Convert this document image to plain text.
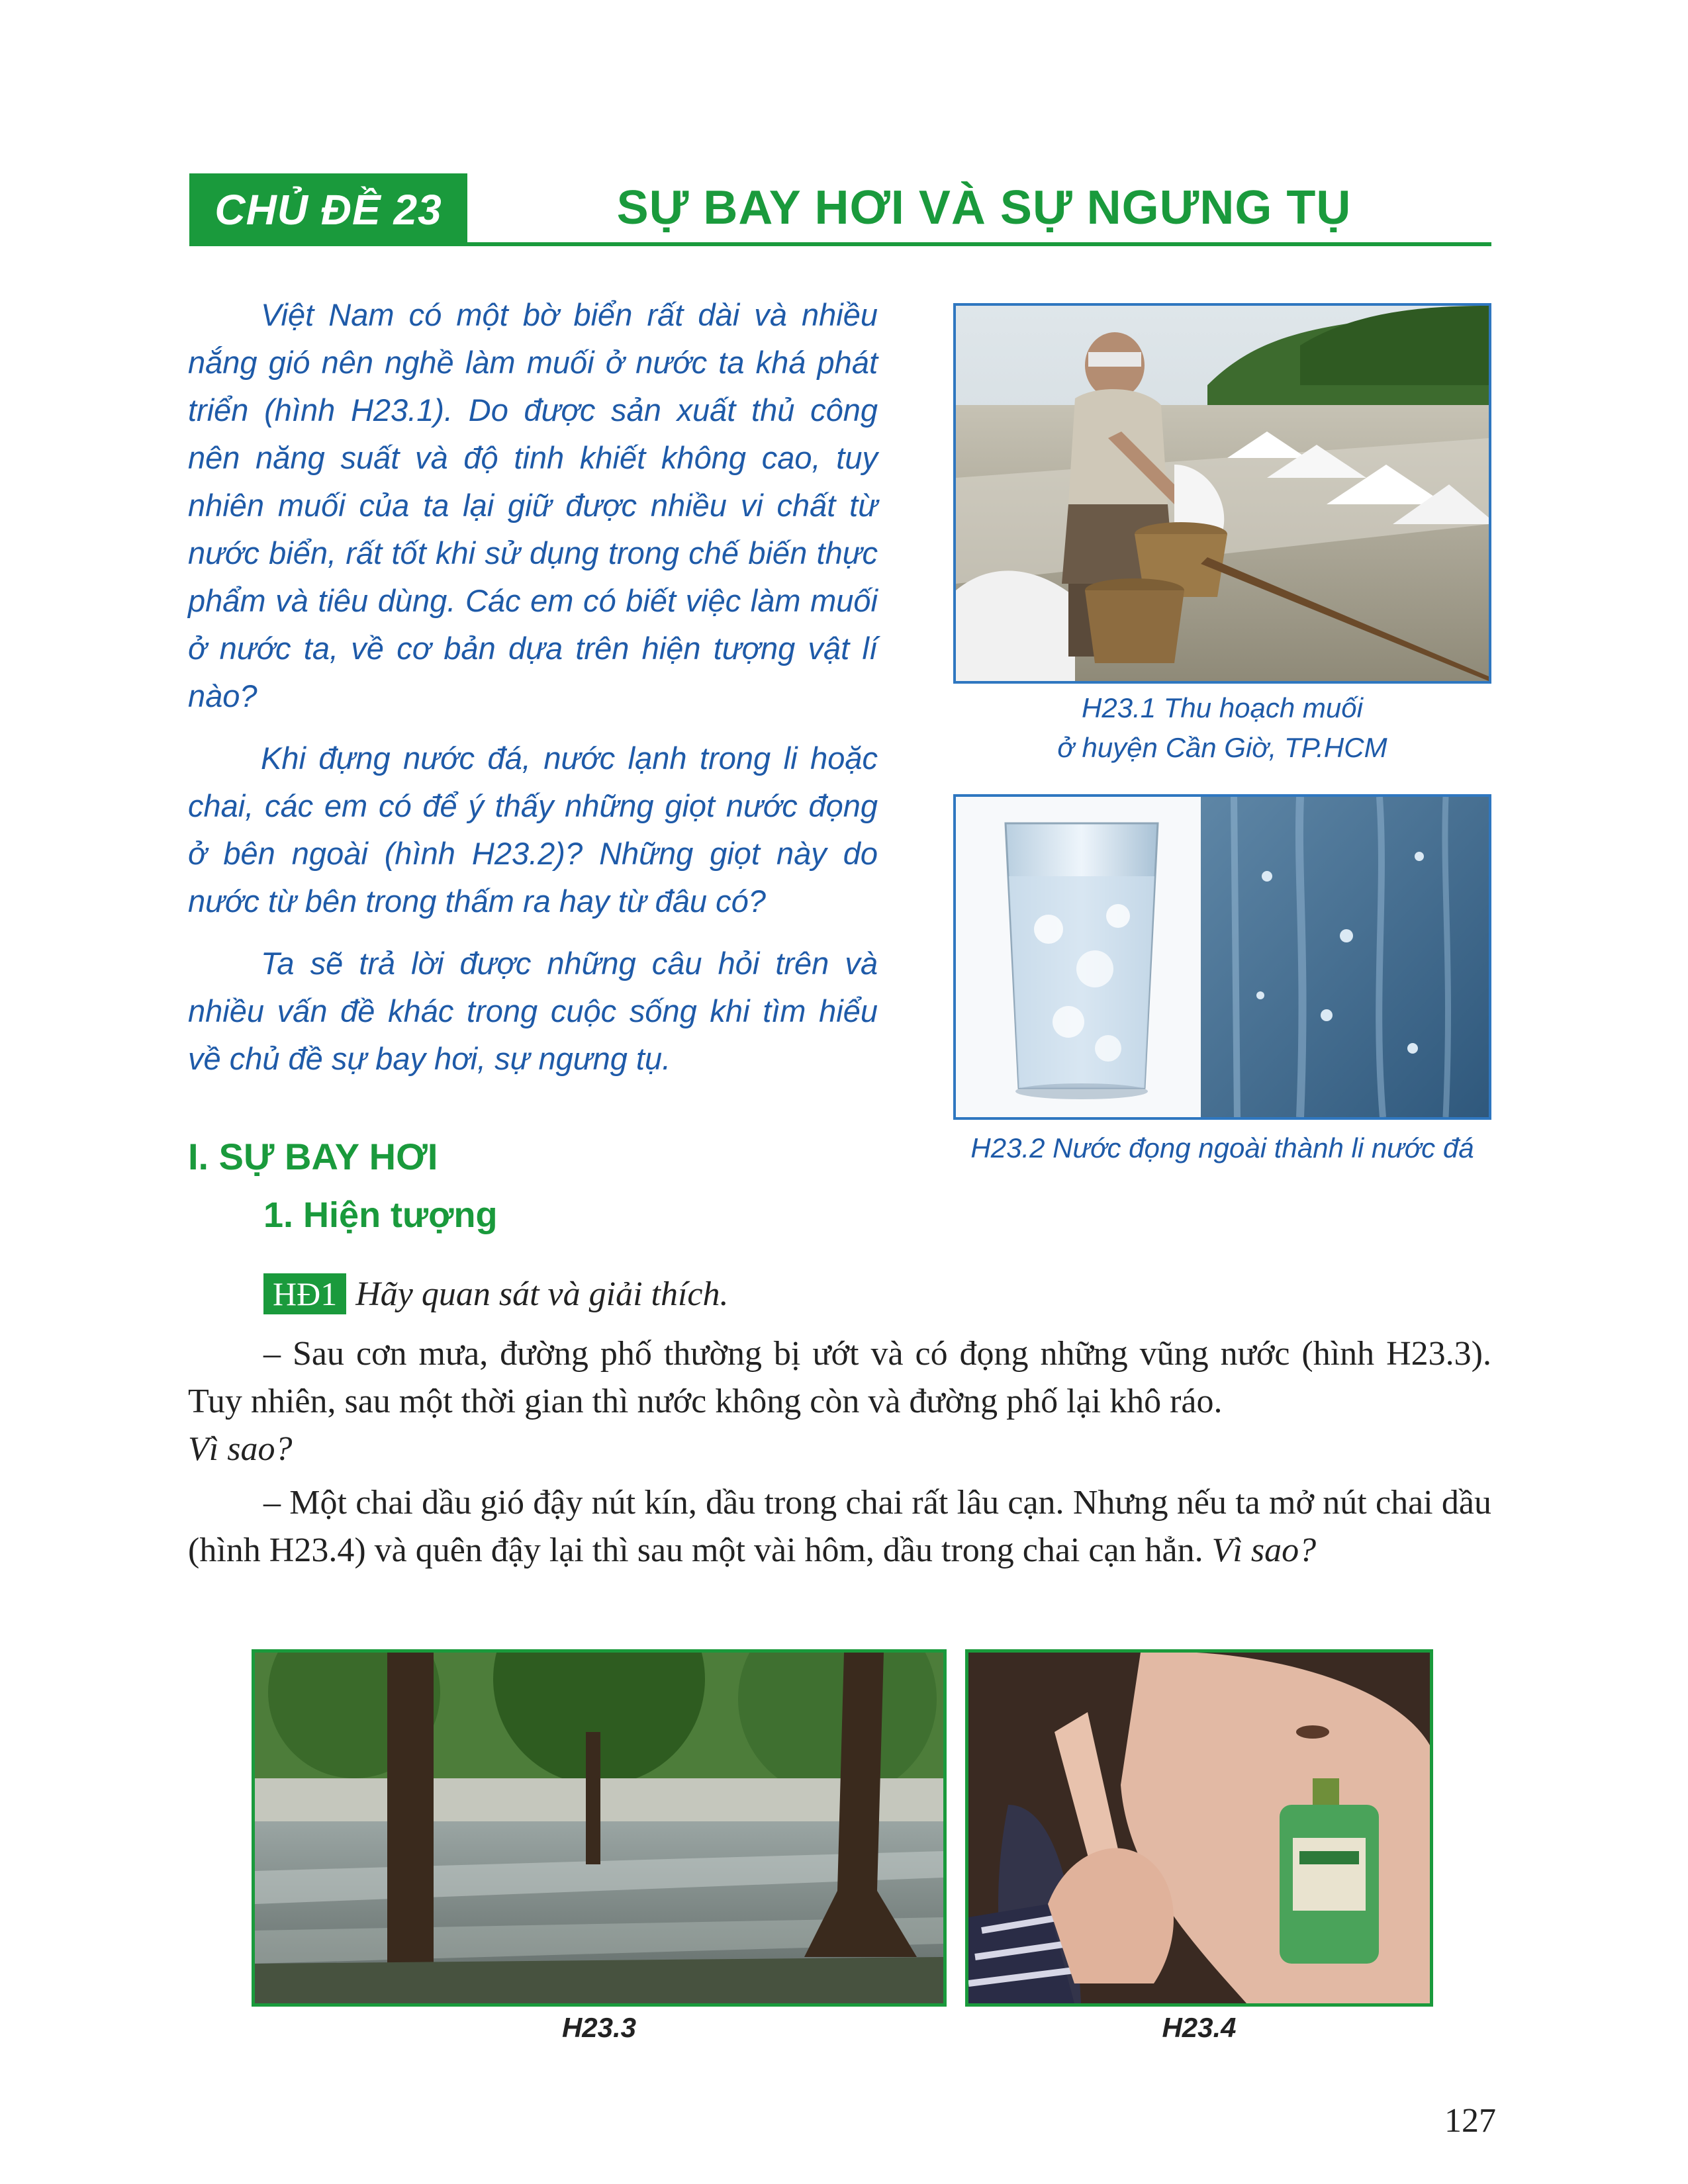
CHỦ ĐỀ 23	SỰ BAY HƠI VÀ SỰ NGƯNG TỤ

Việt Nam có một bờ biển rất dài và nhiều nắng gió nên nghề làm muối ở nước ta khá phát triển (hình H23.1). Do được sản xuất thủ công nên năng suất và độ tinh khiết không cao, tuy nhiên muối của ta lại giữ được nhiều vi chất từ nước biển, rất tốt khi sử dụng trong chế biến thực phẩm và tiêu dùng. Các em có biết việc làm muối ở nước ta, về cơ bản dựa trên hiện tượng vật lí nào?

Khi đựng nước đá, nước lạnh trong li hoặc chai, các em có để ý thấy những giọt nước đọng ở bên ngoài (hình H23.2)? Những giọt này do nước từ bên trong thấm ra hay từ đâu có?

Ta sẽ trả lời được những câu hỏi trên và nhiều vấn đề khác trong cuộc sống khi tìm hiểu về chủ đề sự bay hơi, sự ngưng tụ.

H23.1 Thu hoạch muối
ở huyện Cần Giờ, TP.HCM
H23.2 Nước đọng ngoài thành li nước đá
I. SỰ BAY HƠI
1. Hiện tượng
HĐ1 Hãy quan sát và giải thích.

– Sau cơn mưa, đường phố thường bị ướt và có đọng những vũng nước (hình H23.3). Tuy nhiên, sau một thời gian thì nước không còn và đường phố lại khô ráo.
Vì sao?

– Một chai dầu gió đậy nút kín, dầu trong chai rất lâu cạn. Nhưng nếu ta mở nút chai dầu (hình H23.4) và quên đậy lại thì sau một vài hôm, dầu trong chai cạn hẳn. Vì sao?

H23.3	H23.4
127
